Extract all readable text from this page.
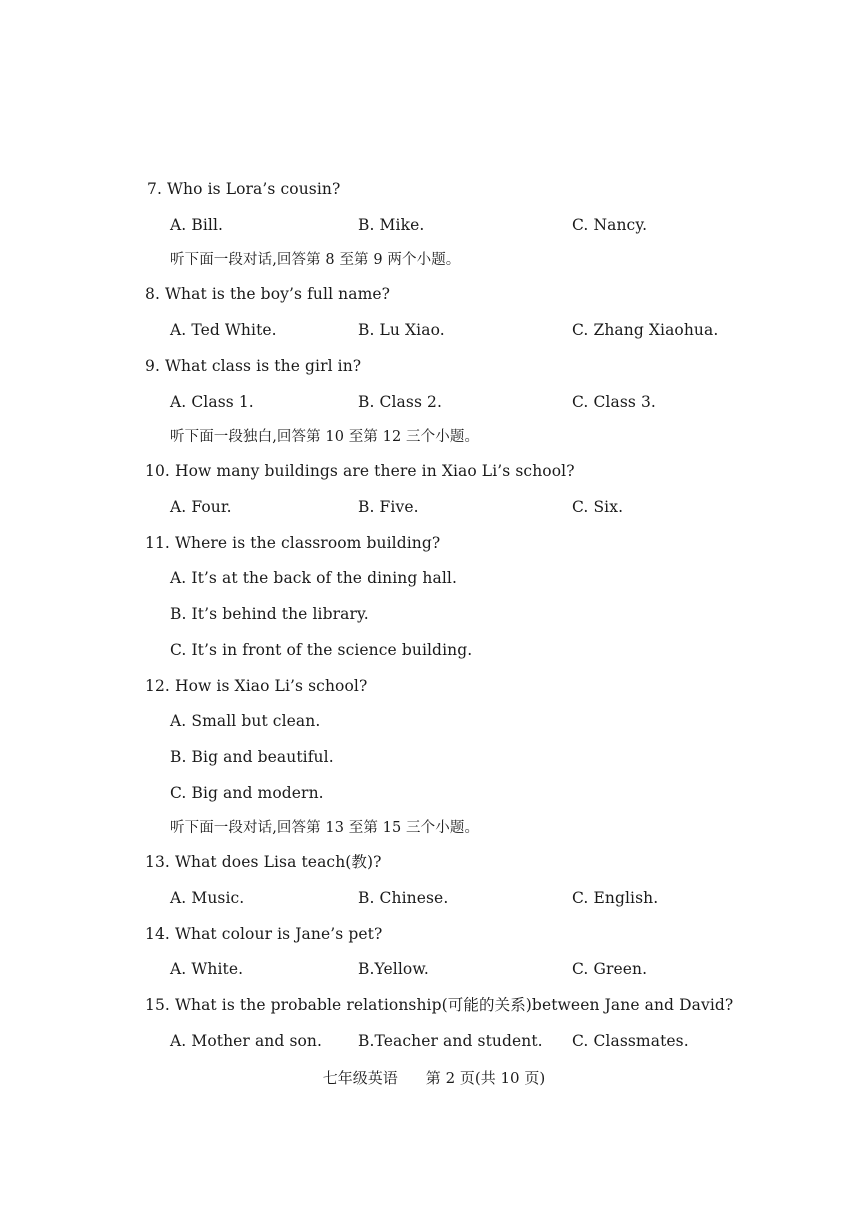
7. Who is Lora’s cousin?
A. Bill.	B. Mike.	C. Nancy.
听下面一段对话,回答第 8 至第 9 两个小题。
8. What is the boy’s full name?
A. Ted White.	B. Lu Xiao.	C. Zhang Xiaohua.
9. What class is the girl in?
A. Class 1.	B. Class 2.	C. Class 3.
听下面一段独白,回答第 10 至第 12 三个小题。
10. How many buildings are there in Xiao Li’s school?
A. Four.	B. Five.	C. Six.
11. Where is the classroom building?
A. It’s at the back of the dining hall.
B. It’s behind the library.
C. It’s in front of the science building.
12. How is Xiao Li’s school?
A. Small but clean.
B. Big and beautiful.
C. Big and modern.
听下面一段对话,回答第 13 至第 15 三个小题。
13. What does Lisa teach(教)?
A. Music.	B. Chinese.	C. English.
14. What colour is Jane’s pet?
A. White.	B.Yellow.	C. Green.
15. What is the probable relationship(可能的关系)between Jane and David?
A. Mother and son. B.Teacher and student. C. Classmates.
七年级英语 第 2 页(共 10 页)
